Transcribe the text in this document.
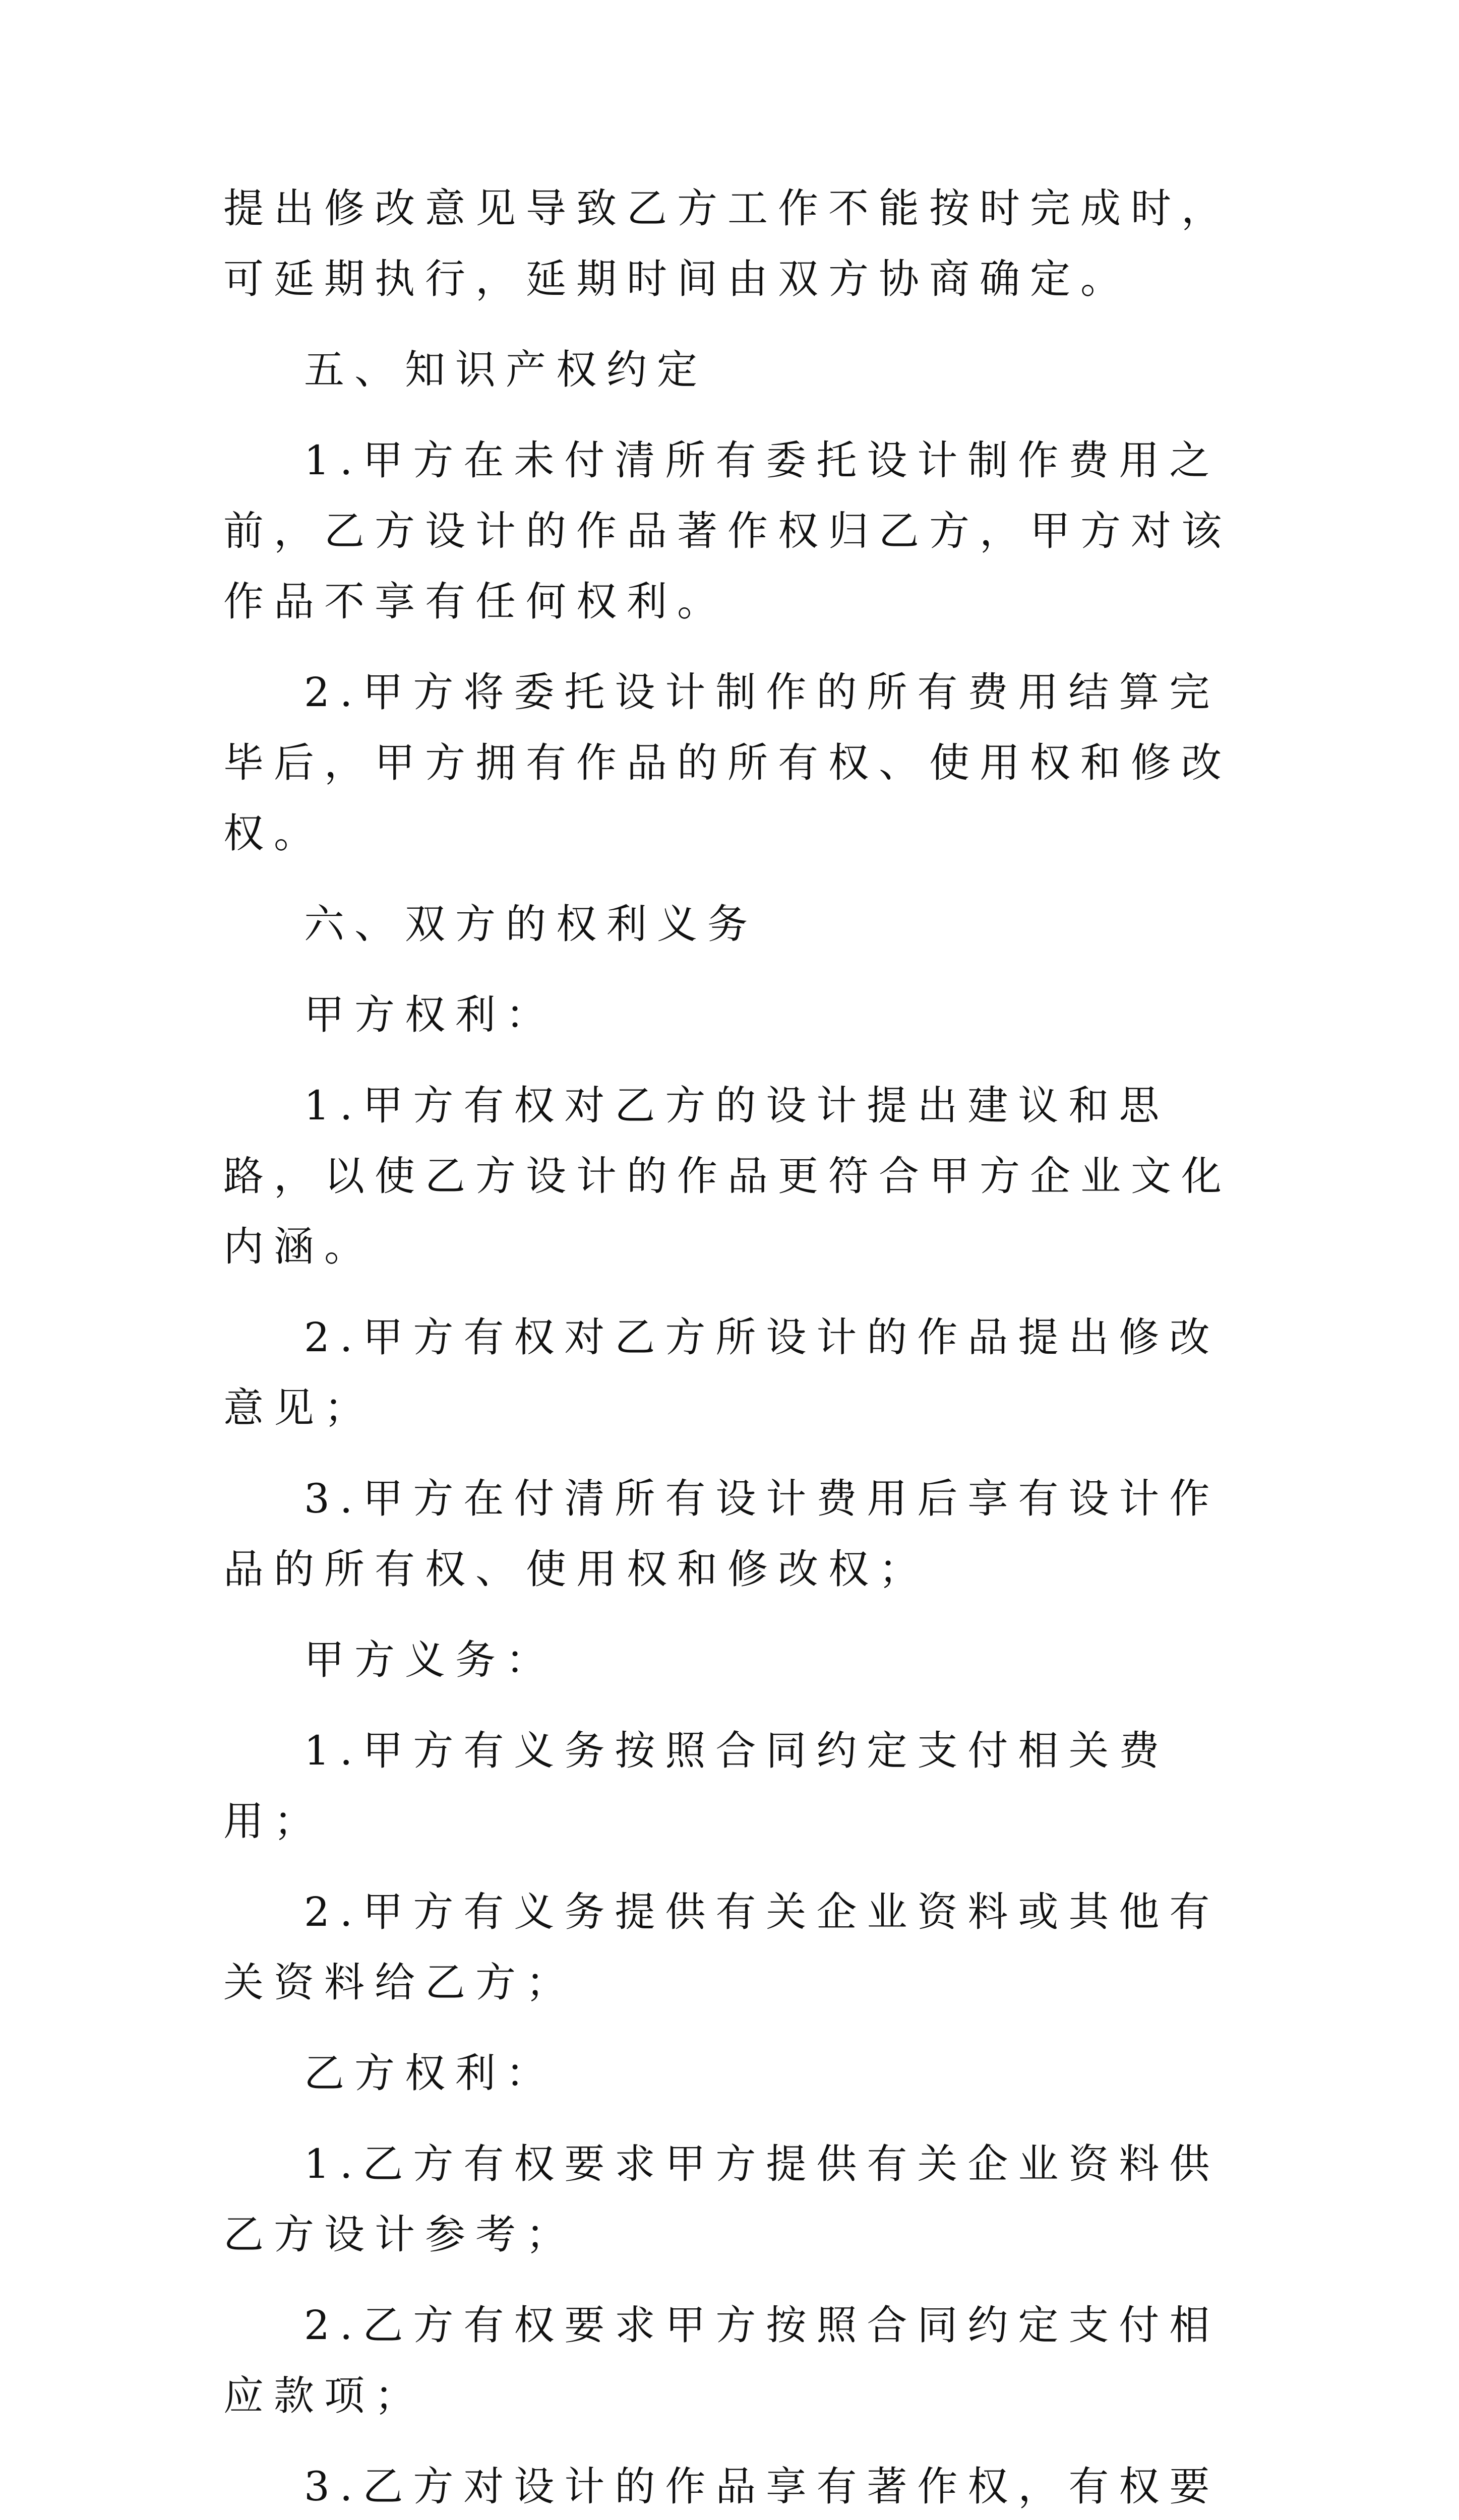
提出修改意见导致乙方工作不能按时完成时，可延期执行，延期时间由双方协商确定。

五、知识产权约定

1.甲方在未付清所有委托设计制作费用之前，乙方设计的作品著作权归乙方，甲方对该作品不享有任何权利。

2.甲方将委托设计制作的所有费用结算完毕后，甲方拥有作品的所有权、使用权和修改权。

六、双方的权利义务

甲方权利：

1.甲方有权对乙方的设计提出建议和思路，以使乙方设计的作品更符合甲方企业文化内涵。

2.甲方有权对乙方所设计的作品提出修改意见；

3.甲方在付清所有设计费用后享有设计作品的所有权、使用权和修改权；

甲方义务：

1.甲方有义务按照合同约定支付相关费用；

2.甲方有义务提供有关企业资料或其他有关资料给乙方；

乙方权利：

1.乙方有权要求甲方提供有关企业资料供乙方设计参考；

2.乙方有权要求甲方按照合同约定支付相应款项；

3.乙方对设计的作品享有著作权，有权要
